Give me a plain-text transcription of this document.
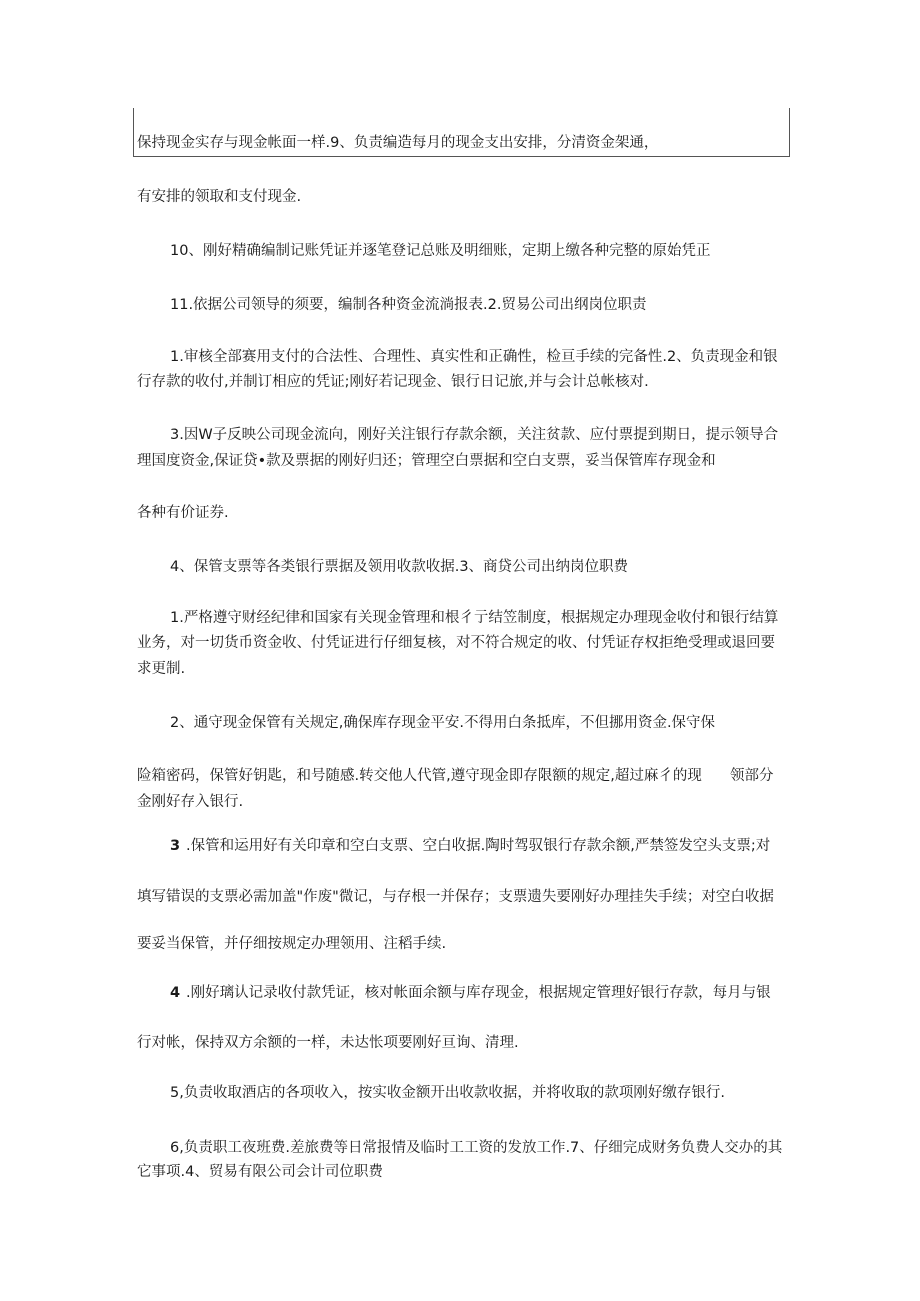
保持现金实存与现金帐面一样.9、负责编造每月的现金支出安排，分清资金架通，
有安排的领取和支付现金.
10、刚好精确编制记账凭证并逐笔登记总账及明细账，定期上缴各种完整的原始凭正
11.依据公司领导的须要，编制各种资金流淌报表.2.贸易公司出纲岗位职责
1.审核全部赛用支付的合法性、合理性、真实性和正确性，检亘手续的完备性.2、负责现金和银
行存款的收付,并制订相应的凭证;刚好若记现金、银行日记旅,并与会计总帐核对.
3.因W子反映公司现金流向，刚好关注银行存款余额，关注贫款、应付票提到期日，提示领导合
理国度资金,保证贷•款及票据的刚好归还；管理空白票据和空白支票，妥当保管库存现金和
各种有价证券.
4、保管支票等各类银行票据及领用收款收据.3、商贷公司出纳岗位职费
1.严格遵守财经纪律和国家有关现金管理和根彳亍结笠制度，根据规定办理现金收付和银行结算
业务，对一切货币资金收、付凭证进行仔细复核，对不符合规定的收、付凭证存权拒绝受理或退回要
求更制.
2、通守现金保管有关规定,确保库存现金平安.不得用白条抵库，不但挪用资金.保守保
险箱密码，保管好钥匙，和号随感.转交他人代管,遵守现金即存限额的规定,超过麻彳的现 领部分
金刚好存入银行.
3 .保管和运用好有关印章和空白支票、空白收据.陶时驾驭银行存款余额,严禁签发空头支票;对
填写错误的支票必需加盖"作废"微记，与存根一并保存；支票遗失要刚好办理挂失手续；对空白收据
要妥当保管，并仔细按规定办理领用、注稻手续.
4 .刚好璃认记录收付款凭证，核对帐面余额与库存现金，根据规定管理好银行存款，每月与银
行对帐，保持双方余额的一样，未达怅项要刚好亘询、清理.
5,负责收取酒店的各项收入，按实收金额开出收款收据，并将收取的款项刚好缴存银行.
6,负责职工夜班费.差旅费等日常报情及临时工工资的发放工作.7、仔细完成财务负费人交办的其
它事项.4、贸易有限公司会计司位职费
